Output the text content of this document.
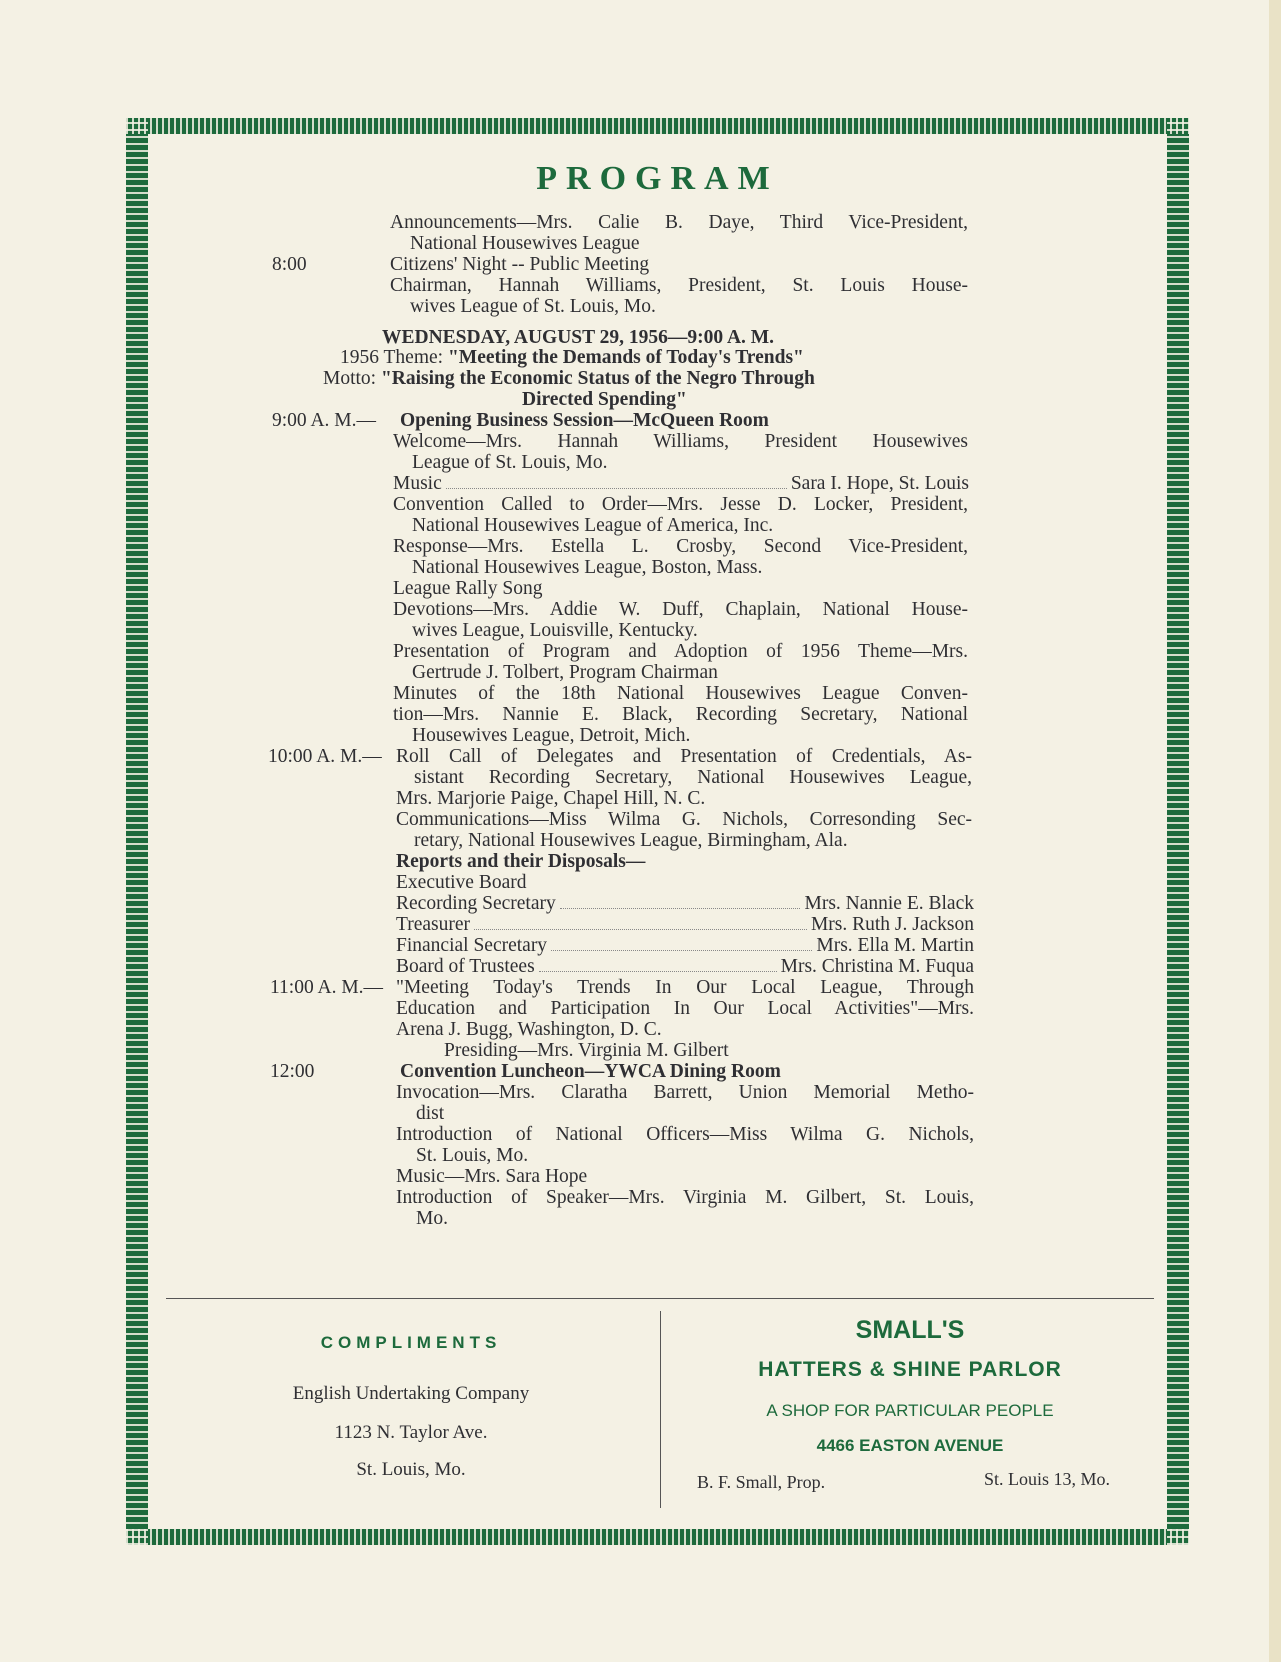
PROGRAM
Announcements—Mrs. Calie B. Daye, Third Vice-President,
National Housewives League
8:00	Citizens' Night -- Public Meeting
Chairman, Hannah Williams, President, St. Louis House-
wives League of St. Louis, Mo.
WEDNESDAY, AUGUST 29, 1956—9:00 A. M.
1956 Theme: "Meeting the Demands of Today's Trends"
Motto: "Raising the Economic Status of the Negro Through
Directed Spending"
9:00 A. M.— Opening Business Session—McQueen Room
Welcome—Mrs. Hannah Williams, President Housewives
League of St. Louis, Mo.
Music	Sara I. Hope, St. Louis
Convention Called to Order—Mrs. Jesse D. Locker, President,
National Housewives League of America, Inc.
Response—Mrs. Estella L. Crosby, Second Vice-President,
National Housewives League, Boston, Mass.
League Rally Song
Devotions—Mrs. Addie W. Duff, Chaplain, National House-
wives League, Louisville, Kentucky.
Presentation of Program and Adoption of 1956 Theme—Mrs.
Gertrude J. Tolbert, Program Chairman
Minutes of the 18th National Housewives League Conven-
tion—Mrs. Nannie E. Black, Recording Secretary, National
Housewives League, Detroit, Mich.
10:00 A. M.— Roll Call of Delegates and Presentation of Credentials, As-
sistant Recording Secretary, National Housewives League,
Mrs. Marjorie Paige, Chapel Hill, N. C.
Communications—Miss Wilma G. Nichols, Corresonding Sec-
retary, National Housewives League, Birmingham, Ala.
Reports and their Disposals—
Executive Board
Recording Secretary	Mrs. Nannie E. Black
Treasurer	Mrs. Ruth J. Jackson
Financial Secretary	Mrs. Ella M. Martin
Board of Trustees	Mrs. Christina M. Fuqua
11:00 A. M.— "Meeting Today's Trends In Our Local League, Through
Education and Participation In Our Local Activities"—Mrs.
Arena J. Bugg, Washington, D. C.
Presiding—Mrs. Virginia M. Gilbert
12:00	Convention Luncheon—YWCA Dining Room
Invocation—Mrs. Claratha Barrett, Union Memorial Metho-
dist
Introduction of National Officers—Miss Wilma G. Nichols,
St. Louis, Mo.
Music—Mrs. Sara Hope
Introduction of Speaker—Mrs. Virginia M. Gilbert, St. Louis,
Mo.
COMPLIMENTS
English Undertaking Company
1123 N. Taylor Ave.
St. Louis, Mo.
SMALL'S
HATTERS & SHINE PARLOR
A SHOP FOR PARTICULAR PEOPLE
4466 EASTON AVENUE
B. F. Small, Prop.	St. Louis 13, Mo.
